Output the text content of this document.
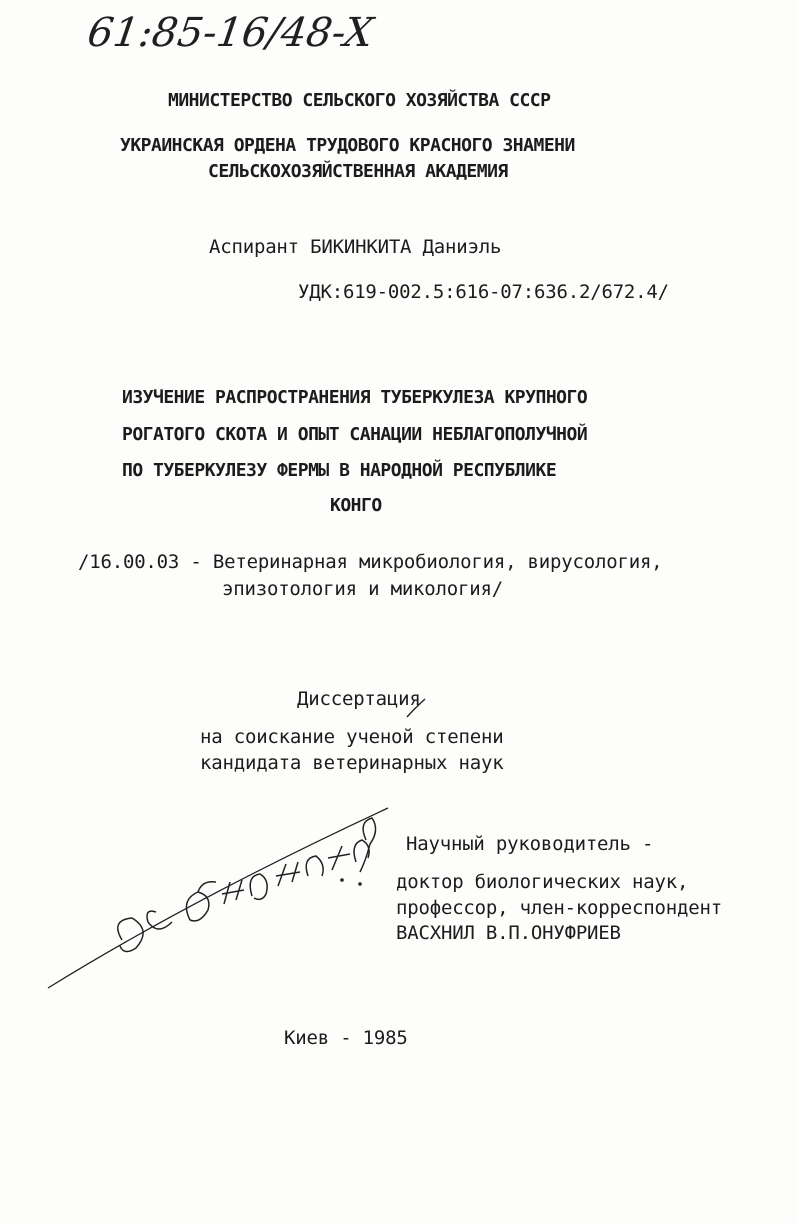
61:85-16/48-X
МИНИСТЕРСТВО СЕЛЬСКОГО ХОЗЯЙСТВА СССР
УКРАИНСКАЯ ОРДЕНА ТРУДОВОГО КРАСНОГО ЗНАМЕНИ
СЕЛЬСКОХОЗЯЙСТВЕННАЯ АКАДЕМИЯ
Аспирант БИКИНКИТА Даниэль
УДК:619-002.5:616-07:636.2/672.4/
ИЗУЧЕНИЕ РАСПРОСТРАНЕНИЯ ТУБЕРКУЛЕЗА КРУПНОГО
РОГАТОГО СКОТА И ОПЫТ САНАЦИИ НЕБЛАГОПОЛУЧНОЙ
ПО ТУБЕРКУЛЕЗУ ФЕРМЫ В НАРОДНОЙ РЕСПУБЛИКЕ
КОНГО
/16.00.03 - Ветеринарная микробиология, вирусология,
эпизотология и микология/
Диссертация
на соискание ученой степени
кандидата ветеринарных наук
Научный руководитель -
доктор биологических наук,
профессор, член-корреспондент
ВАСХНИЛ В.П.ОНУФРИЕВ
Киев - 1985
